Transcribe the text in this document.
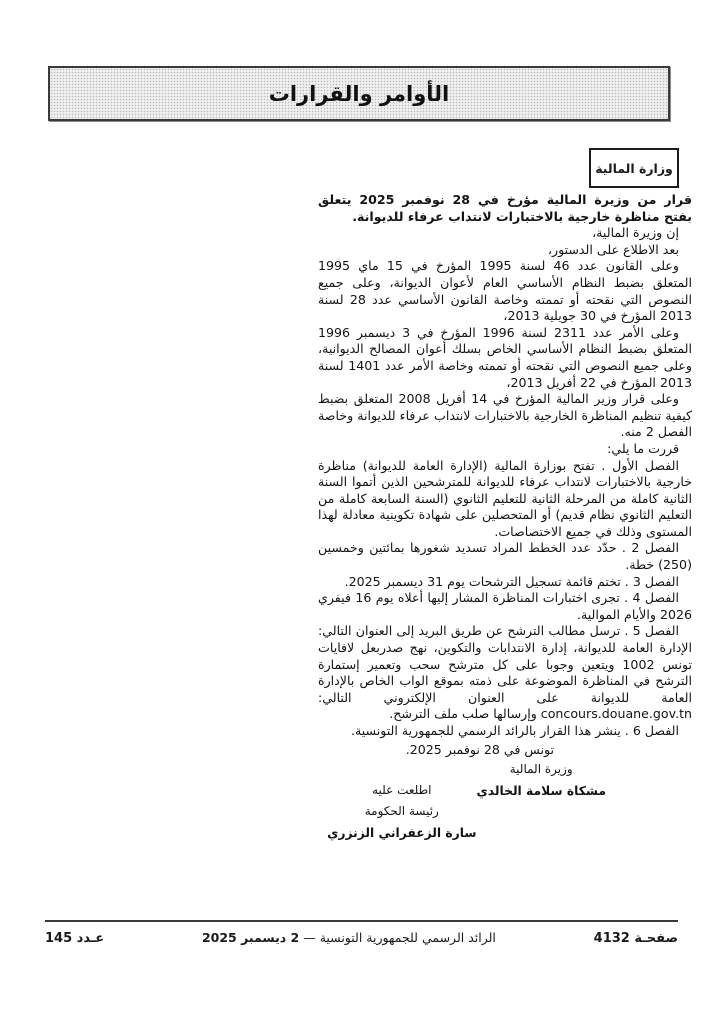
الأوامر والقرارات
وزارة المالية

قرار من وزيرة المالية مؤرخ في 28 نوفمبر 2025 يتعلق بفتح مناظرة خارجية بالاختبارات لانتداب عرفاء للديوانة.

إن وزيرة المالية،

بعد الاطلاع على الدستور،

وعلى القانون عدد 46 لسنة 1995 المؤرخ في 15 ماي 1995 المتعلق بضبط النظام الأساسي العام لأعوان الديوانة، وعلى جميع النصوص التي نقحته أو تممته وخاصة القانون الأساسي عدد 28 لسنة 2013 المؤرخ في 30 جويلية 2013،

وعلى الأمر عدد 2311 لسنة 1996 المؤرخ في 3 ديسمبر 1996 المتعلق بضبط النظام الأساسي الخاص بسلك أعوان المصالح الديوانية، وعلى جميع النصوص التي نقحته أو تممته وخاصة الأمر عدد 1401 لسنة 2013 المؤرخ في 22 أفريل 2013،

وعلى قرار وزير المالية المؤرخ في 14 أفريل 2008 المتعلق بضبط كيفية تنظيم المناظرة الخارجية بالاختبارات لانتداب عرفاء للديوانة وخاصة الفصل 2 منه.

قررت ما يلي:

الفصل الأول . تفتح بوزارة المالية (الإدارة العامة للديوانة) مناظرة خارجية بالاختبارات لانتداب عرفاء للديوانة للمترشحين الذين أتموا السنة الثانية كاملة من المرحلة الثانية للتعليم الثانوي (السنة السابعة كاملة من التعليم الثانوي نظام قديم) أو المتحصلين على شهادة تكوينية معادلة لهذا المستوى وذلك في جميع الاختصاصات.

الفصل 2 . حدّد عدد الخطط المراد تسديد شغورها بمائتين وخمسين (250) خطة.

الفصل 3 . تختم قائمة تسجيل الترشحات يوم 31 ديسمبر 2025.

الفصل 4 . تجرى اختبارات المناظرة المشار إليها أعلاه يوم 16 فيفري 2026 والأيام الموالية.

الفصل 5 . ترسل مطالب الترشح عن طريق البريد إلى العنوان التالي: الإدارة العامة للديوانة، إدارة الانتدابات والتكوين، نهج صدربعل لافايات تونس 1002 ويتعين وجوبا على كل مترشح سحب وتعمير إستمارة الترشح في المناظرة الموضوعة على ذمته بموقع الواب الخاص بالإدارة العامة للديوانة على العنوان الإلكتروني التالي: concours.douane.gov.tn وإرسالها صلب ملف الترشح.

الفصل 6 . ينشر هذا القرار بالرائد الرسمي للجمهورية التونسية.

تونس في 28 نوفمبر 2025.

وزيرة المالية
مشكاة سلامة الخالدي
اطلعت عليه
رئيسة الحكومة
سارة الزعفراني الزنزري
صفحـة 4132
الرائد الرسمي للجمهورية التونسية — 2 ديسمبر 2025
عـدد 145
